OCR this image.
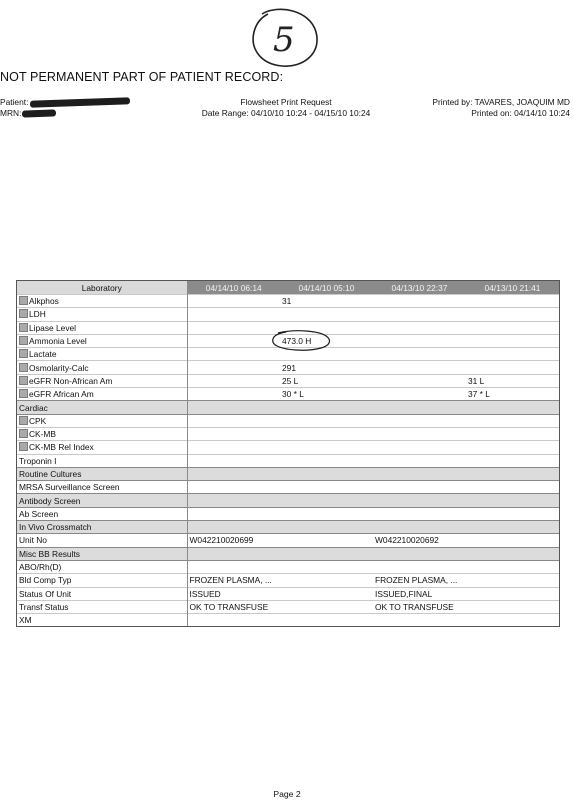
5
NOT PERMANENT PART OF PATIENT RECORD:
Patient:
MRN:
Flowsheet Print Request
Date Range: 04/10/10 10:24 - 04/15/10 10:24
Printed by: TAVARES, JOAQUIM MD
Printed on: 04/14/10 10:24
Laboratory	04/14/10 06:14	04/14/10 05:10	04/13/10 22:37	04/13/10 21:41
Alkphos		31		
LDH				
Lipase Level				
Ammonia Level		473.0 H		
Lactate				
Osmolarity-Calc		291		
eGFR Non-African Am		25 L		31 L
eGFR African Am		30 * L		37 * L
Cardiac				
CPK				
CK-MB				
CK-MB Rel Index				
Troponin I				
Routine Cultures				
MRSA Surveillance Screen				
Antibody Screen				
Ab Screen				
In Vivo Crossmatch				
Unit No	W042210020699		W042210020692	
Misc BB Results				
ABO/Rh(D)				
Bld Comp Typ	FROZEN PLASMA, ...		FROZEN PLASMA, ...	
Status Of Unit	ISSUED		ISSUED,FINAL	
Transf Status	OK TO TRANSFUSE		OK TO TRANSFUSE	
XM				
Page 2
